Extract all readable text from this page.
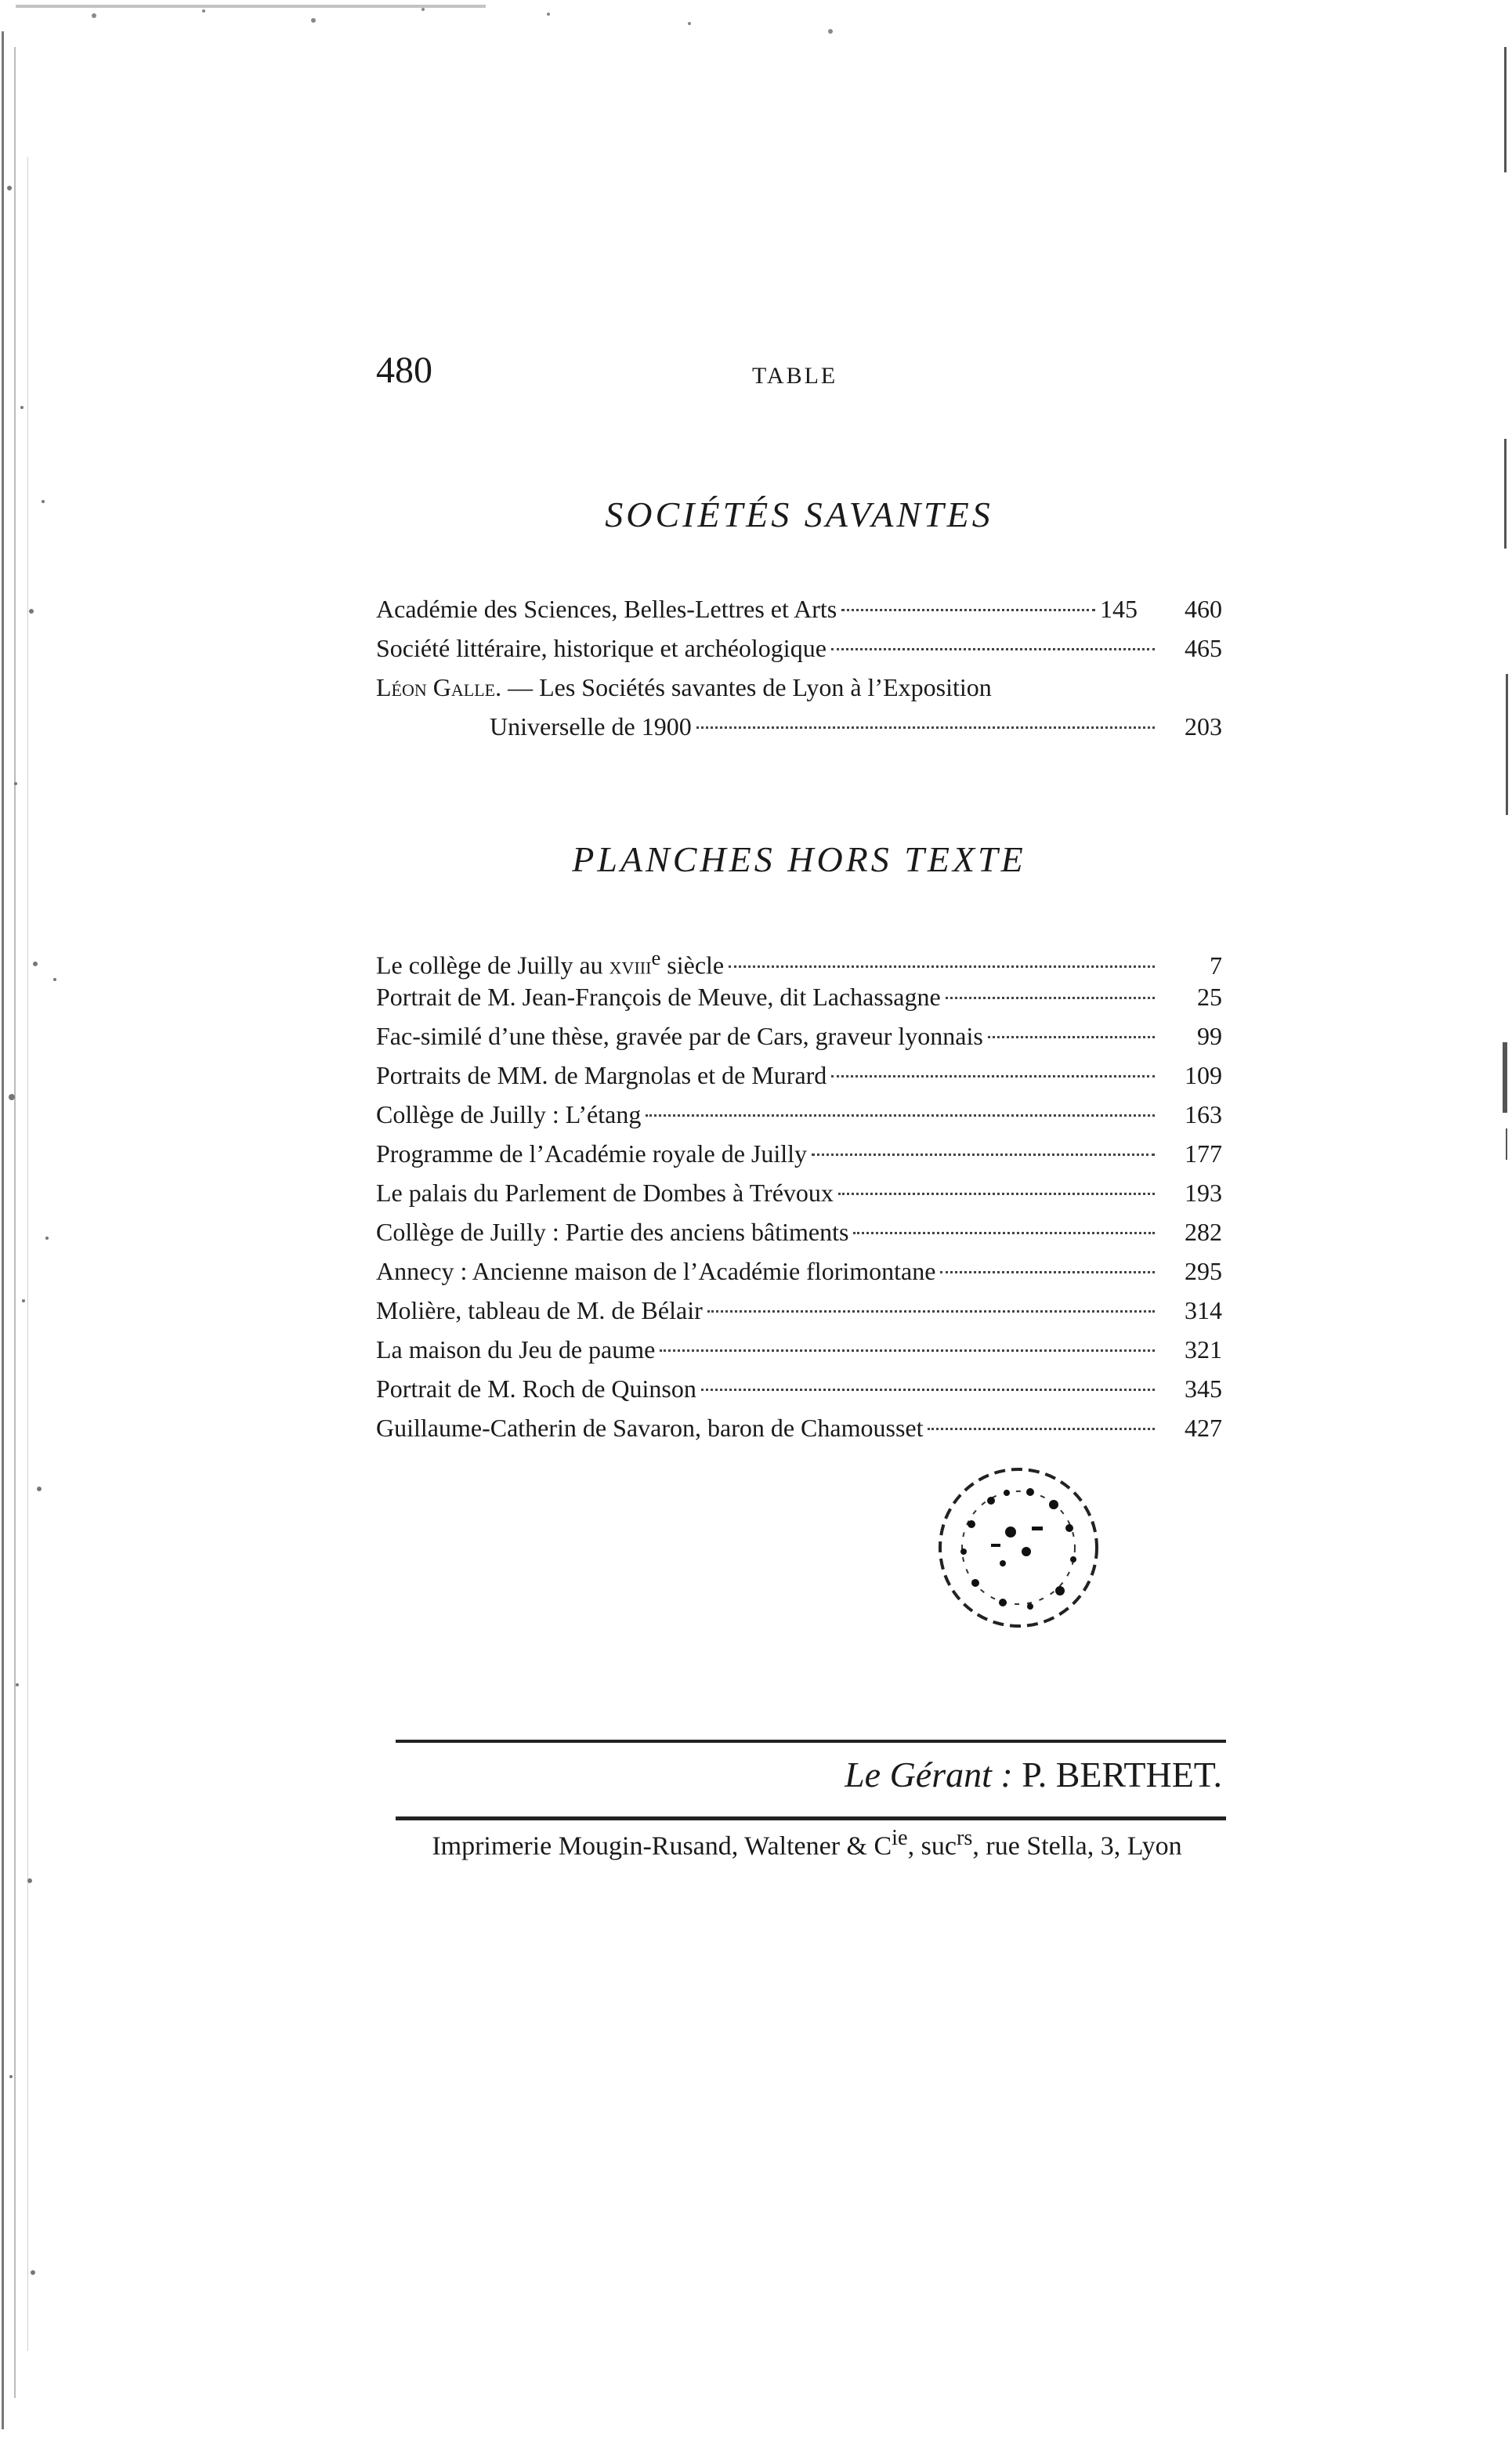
480	TABLE
SOCIÉTÉS SAVANTES
Académie des Sciences, Belles-Lettres et Arts	145	460
Société littéraire, historique et archéologique	465
Léon Galle. — Les Sociétés savantes de Lyon à l’Exposition
Universelle de 1900	203
PLANCHES HORS TEXTE
Le collège de Juilly au xviii$^e$ siècle	7
Portrait de M. Jean-François de Meuve, dit Lachassagne	25
Fac-similé d’une thèse, gravée par de Cars, graveur lyonnais	99
Portraits de MM. de Margnolas et de Murard	109
Collège de Juilly : L’étang	163
Programme de l’Académie royale de Juilly	177
Le palais du Parlement de Dombes à Trévoux	193
Collège de Juilly : Partie des anciens bâtiments	282
Annecy : Ancienne maison de l’Académie florimontane	295
Molière, tableau de M. de Bélair	314
La maison du Jeu de paume	321
Portrait de M. Roch de Quinson	345
Guillaume-Catherin de Savaron, baron de Chamousset	427
Le Gérant : P. BERTHET.
Imprimerie Mougin-Rusand, Waltener & $C^{ie}$, suc$^{rs}$, rue Stella, 3, Lyon
